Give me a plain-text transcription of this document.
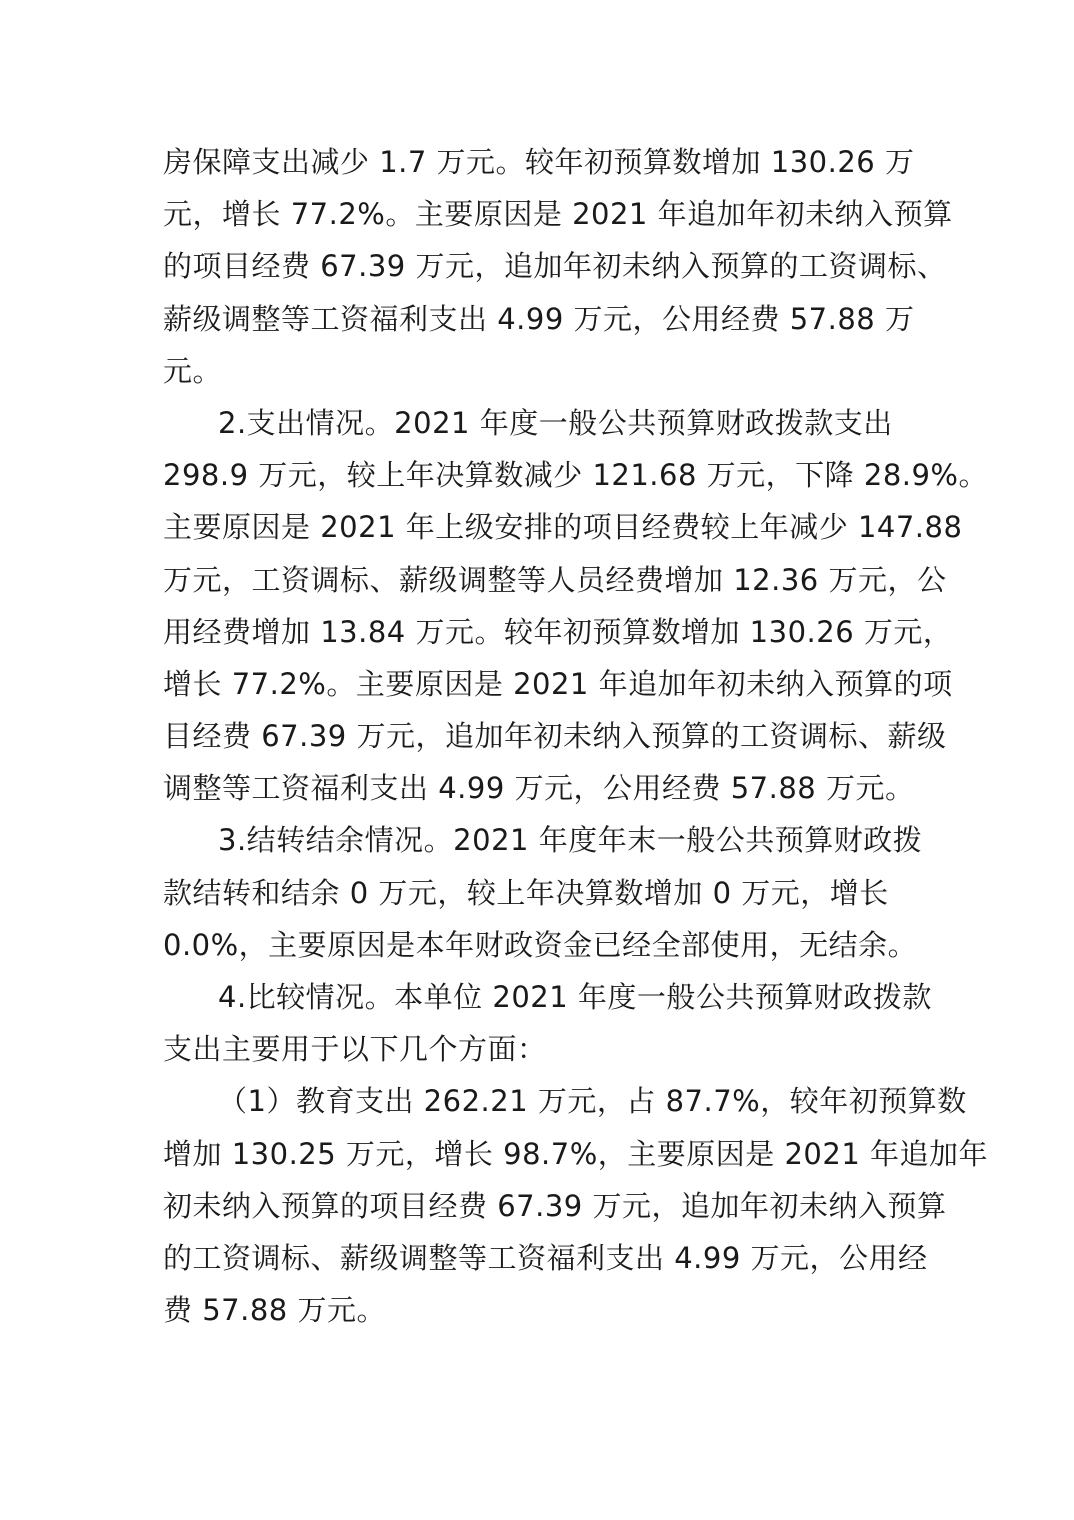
房保障支出减少 1.7 万元。较年初预算数增加 130.26 万
元，增长 77.2%。主要原因是 2021 年追加年初未纳入预算
的项目经费 67.39 万元，追加年初未纳入预算的工资调标、
薪级调整等工资福利支出 4.99 万元，公用经费 57.88 万
元。
2.支出情况。2021 年度一般公共预算财政拨款支出
298.9 万元，较上年决算数减少 121.68 万元，下降 28.9%。
主要原因是 2021 年上级安排的项目经费较上年减少 147.88
万元，工资调标、薪级调整等人员经费增加 12.36 万元，公
用经费增加 13.84 万元。较年初预算数增加 130.26 万元，
增长 77.2%。主要原因是 2021 年追加年初未纳入预算的项
目经费 67.39 万元，追加年初未纳入预算的工资调标、薪级
调整等工资福利支出 4.99 万元，公用经费 57.88 万元。
3.结转结余情况。2021 年度年末一般公共预算财政拨
款结转和结余 0 万元，较上年决算数增加 0 万元，增长
0.0%，主要原因是本年财政资金已经全部使用，无结余。
4.比较情况。本单位 2021 年度一般公共预算财政拨款
支出主要用于以下几个方面：
（1）教育支出 262.21 万元，占 87.7%，较年初预算数
增加 130.25 万元，增长 98.7%，主要原因是 2021 年追加年
初未纳入预算的项目经费 67.39 万元，追加年初未纳入预算
的工资调标、薪级调整等工资福利支出 4.99 万元，公用经
费 57.88 万元。
